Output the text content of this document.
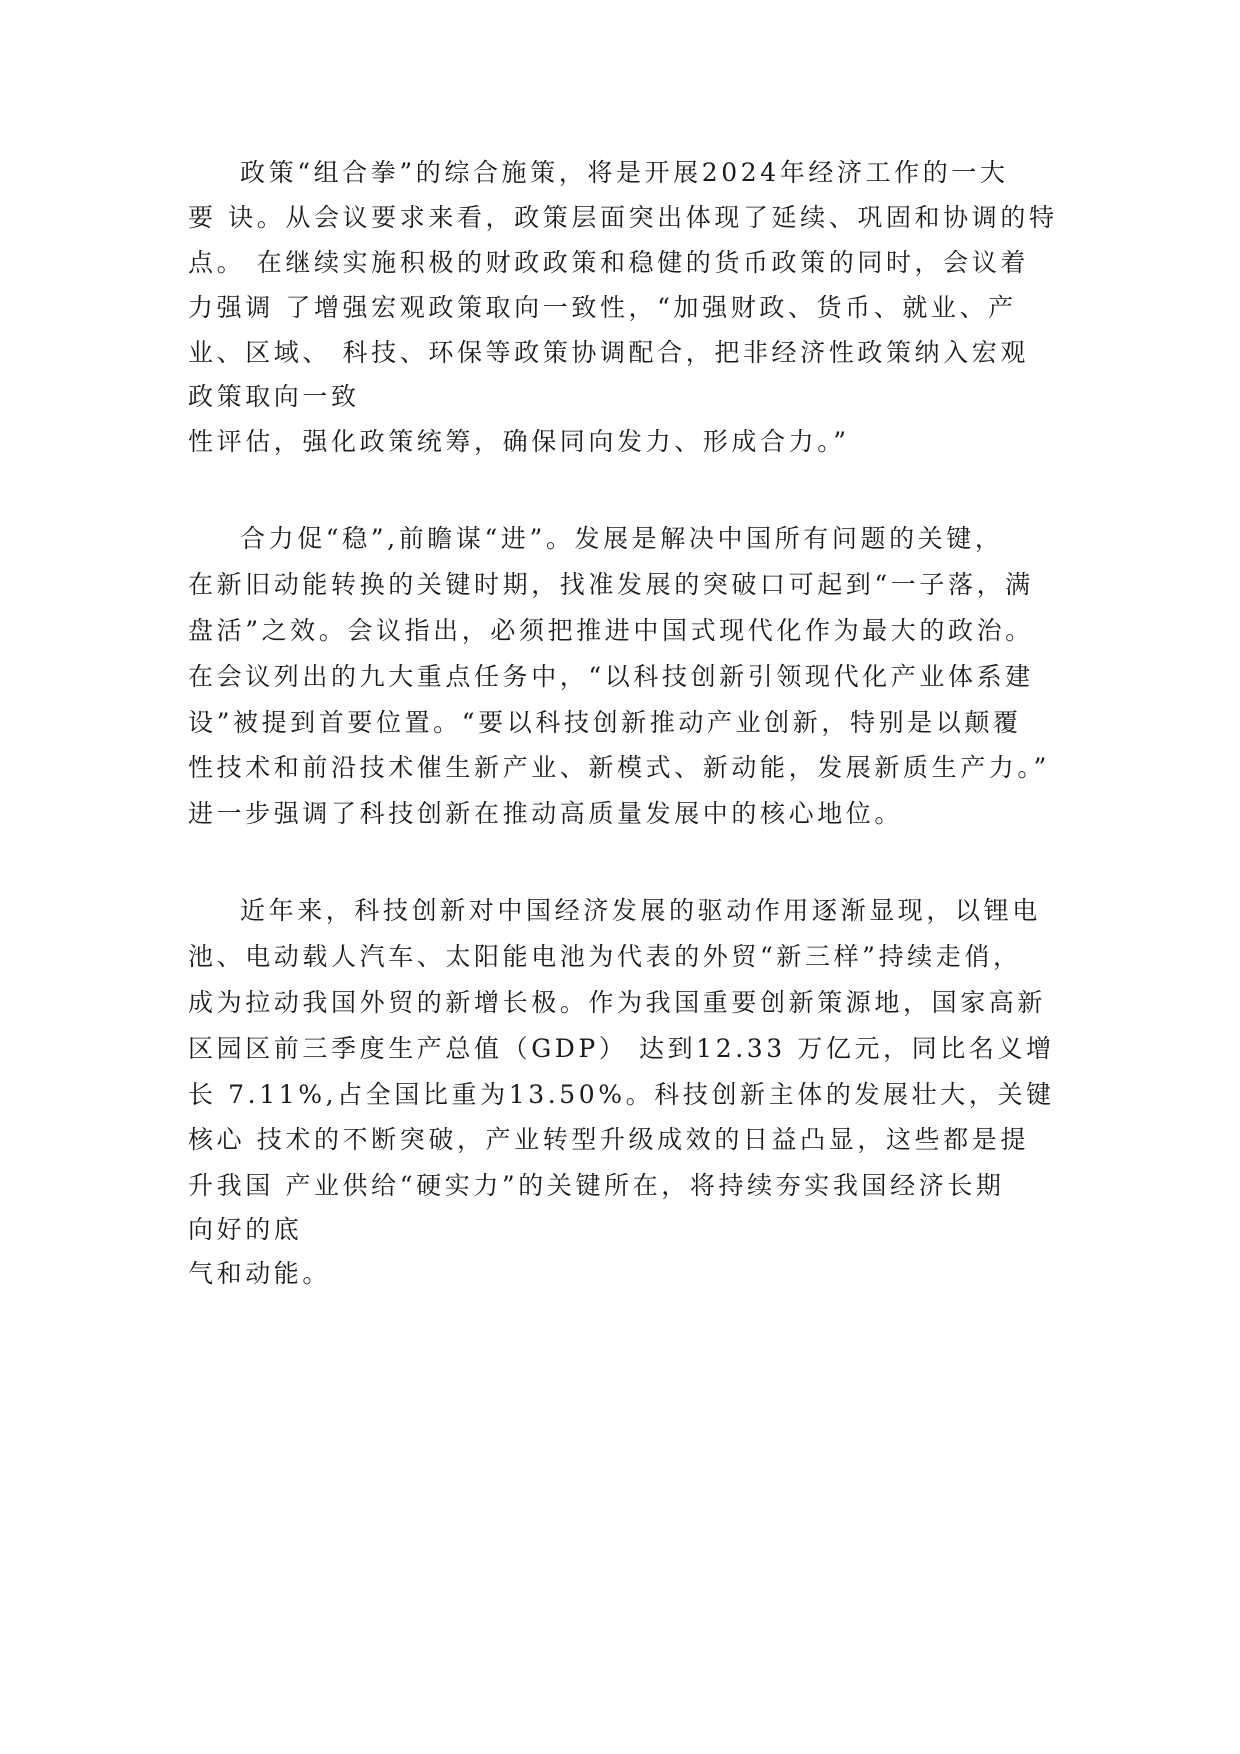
政策“组合拳”的综合施策，将是开展2024年经济工作的一大
要 诀。从会议要求来看，政策层面突出体现了延续、巩固和协调的特
点。 在继续实施积极的财政政策和稳健的货币政策的同时，会议着
力强调 了增强宏观政策取向一致性，“加强财政、货币、就业、产
业、区域、 科技、环保等政策协调配合，把非经济性政策纳入宏观
政策取向一致
性评估，强化政策统筹，确保同向发力、形成合力。”
合力促“稳”,前瞻谋“进”。发展是解决中国所有问题的关键，
在新旧动能转换的关键时期，找准发展的突破口可起到“一子落，满
盘活”之效。会议指出，必须把推进中国式现代化作为最大的政治。
在会议列出的九大重点任务中，“以科技创新引领现代化产业体系建
设”被提到首要位置。“要以科技创新推动产业创新，特别是以颠覆
性技术和前沿技术催生新产业、新模式、新动能，发展新质生产力。”
进一步强调了科技创新在推动高质量发展中的核心地位。
近年来，科技创新对中国经济发展的驱动作用逐渐显现，以锂电
池、电动载人汽车、太阳能电池为代表的外贸“新三样”持续走俏，
成为拉动我国外贸的新增长极。作为我国重要创新策源地，国家高新
区园区前三季度生产总值（GDP） 达到12.33 万亿元，同比名义增
长 7.11%,占全国比重为13.50%。科技创新主体的发展壮大，关键
核心 技术的不断突破，产业转型升级成效的日益凸显，这些都是提
升我国 产业供给“硬实力”的关键所在，将持续夯实我国经济长期
向好的底
气和动能。
